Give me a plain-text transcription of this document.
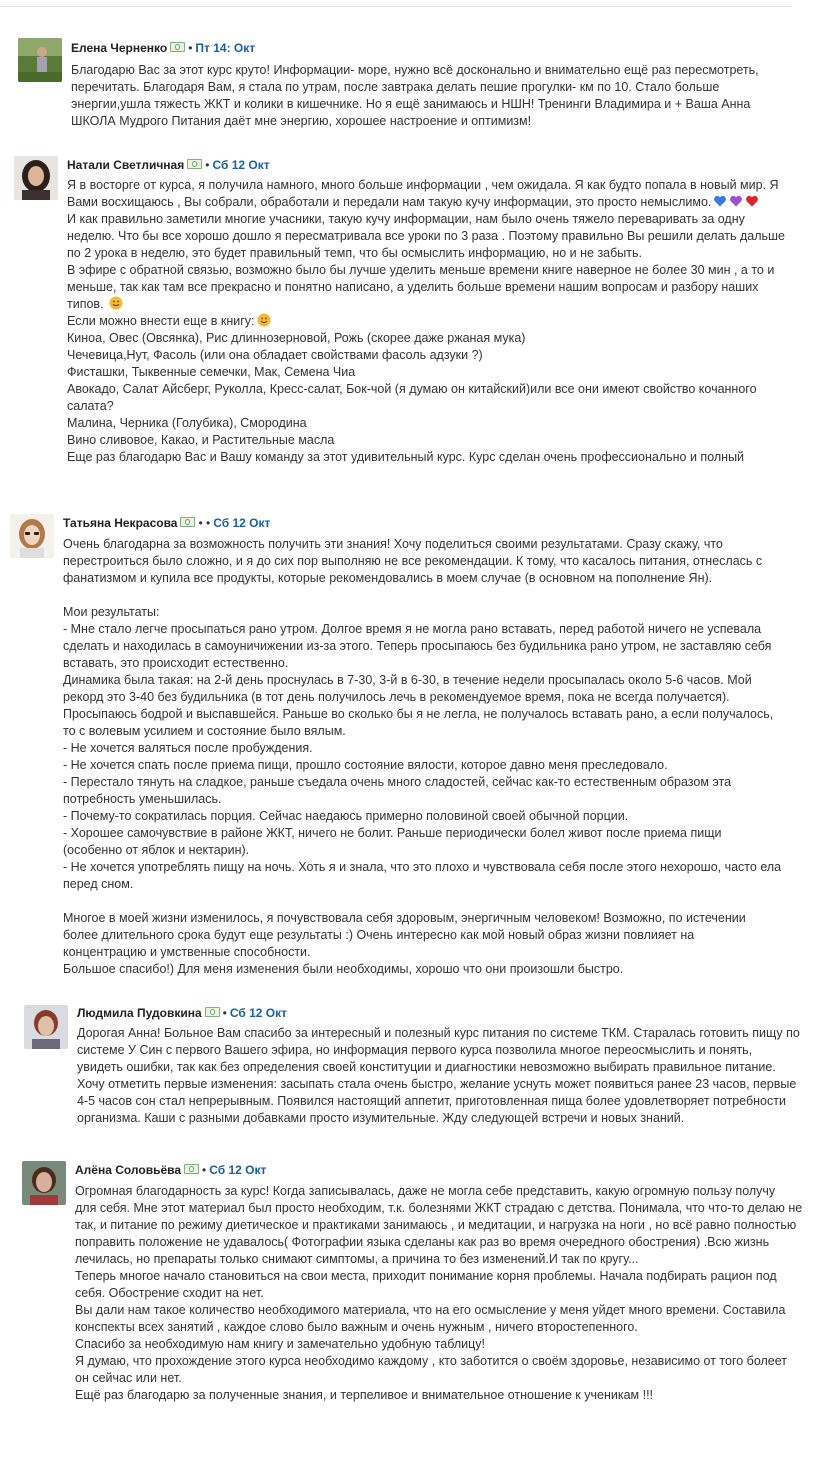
Елена Черненко • Пт 14: Окт

Благодарю Вас за этот курс круто! Информации- море, нужно всё досконально и внимательно ещё раз пересмотреть,

перечитать. Благодаря Вам, я стала по утрам, после завтрака делать пешие прогулки- км по 10. Стало больше

энергии,ушла тяжесть ЖКТ и колики в кишечнике. Но я ещё занимаюсь и НШН! Тренинги Владимира и + Ваша Анна

ШКОЛА Мудрого Питания даёт мне энергию, хорошее настроение и оптимизм!

Натали Светличная • Сб 12 Окт

Я в восторге от курса, я получила намного, много больше информации , чем ожидала. Я как будто попала в новый мир. Я

Вами восхищаюсь , Вы собрали, обработали и передали нам такую кучу информации, это просто немыслимо.

И как правильно заметили многие учасники, такую кучу информации, нам было очень тяжело переваривать за одну

неделю. Что бы все хорошо дошло я пересматривала все уроки по 3 раза . Поэтому правильно Вы решили делать дальше

по 2 урока в неделю, это будет правильный темп, что бы осмыслить информацию, но и не забыть.

В эфире с обратной связью, возможно было бы лучше уделить меньше времени книге наверное не более 30 мин , а то и

меньше, так как там все прекрасно и понятно написано, а уделить больше времени нашим вопросам и разбору наших

типов.

Если можно внести еще в книгу:

Киноа, Овес (Овсянка), Рис длиннозерновой, Рожь (скорее даже ржаная мука)

Чечевица,Нут, Фасоль (или она обладает свойствами фасоль адзуки ?)

Фисташки, Тыквенные семечки, Мак, Семена Чиа

Авокадо, Салат Айсберг, Руколла, Кресс-салат, Бок-чой (я думаю он китайский)или все они имеют свойство кочанного

салата?

Малина, Черника (Голубика), Смородина

Вино сливовое, Какао, и Растительные масла

Еще раз благодарю Вас и Вашу команду за этот удивительный курс. Курс сделан очень профессионально и полный

Татьяна Некрасова • • Сб 12 Окт

Очень благодарна за возможность получить эти знания! Хочу поделиться своими результатами. Сразу скажу, что

перестроиться было сложно, и я до сих пор выполняю не все рекомендации. К тому, что касалось питания, отнеслась с

фанатизмом и купила все продукты, которые рекомендовались в моем случае (в основном на пополнение Ян).

Мои результаты:

- Мне стало легче просыпаться рано утром. Долгое время я не могла рано вставать, перед работой ничего не успевала

сделать и находилась в самоуничижении из-за этого. Теперь просыпаюсь без будильника рано утром, не заставляю себя

вставать, это происходит естественно.

Динамика была такая: на 2-й день проснулась в 7-30, 3-й в 6-30, в течение недели просыпалась около 5-6 часов. Мой

рекорд это 3-40 без будильника (в тот день получилось лечь в рекомендуемое время, пока не всегда получается).

Просыпаюсь бодрой и выспавшейся. Раньше во сколько бы я не легла, не получалось вставать рано, а если получалось,

то с волевым усилием и состояние было вялым.

- Не хочется валяться после пробуждения.

- Не хочется спать после приема пищи, прошло состояние вялости, которое давно меня преследовало.

- Перестало тянуть на сладкое, раньше съедала очень много сладостей, сейчас как-то естественным образом эта

потребность уменьшилась.

- Почему-то сократилась порция. Сейчас наедаюсь примерно половиной своей обычной порции.

- Хорошее самочувствие в районе ЖКТ, ничего не болит. Раньше периодически болел живот после приема пищи

(особенно от яблок и нектарин).

- Не хочется употреблять пищу на ночь. Хоть я и знала, что это плохо и чувствовала себя после этого нехорошо, часто ела

перед сном.

Многое в моей жизни изменилось, я почувствовала себя здоровым, энергичным человеком! Возможно, по истечении

более длительного срока будут еще результаты :) Очень интересно как мой новый образ жизни повлияет на

концентрацию и умственные способности.

Большое спасибо!) Для меня изменения были необходимы, хорошо что они произошли быстро.

Людмила Пудовкина • Сб 12 Окт

Дорогая Анна! Больное Вам спасибо за интересный и полезный курс питания по системе ТКМ. Старалась готовить пищу по

системе У Син с первого Вашего эфира, но информация первого курса позволила многое переосмыслить и понять,

увидеть ошибки, так как без определения своей конституции и диагностики невозможно выбирать правильное питание.

Хочу отметить первые изменения: засыпать стала очень быстро, желание уснуть может появиться ранее 23 часов, первые

4-5 часов сон стал непрерывным. Появился настоящий аппетит, приготовленная пища более удовлетворяет потребности

организма. Каши с разными добавками просто изумительные. Жду следующей встречи и новых знаний.

Алёна Соловьёва • Сб 12 Окт

Огромная благодарность за курс! Когда записывалась, даже не могла себе представить, какую огромную пользу получу

для себя. Мне этот материал был просто необходим, т.к. болезнями ЖКТ страдаю с детства. Понимала, что что-то делаю не

так, и питание по режиму диетическое и практиками занимаюсь , и медитации, и нагрузка на ноги , но всё равно полностью

поправить положение не удавалось( Фотографии языка сделаны как раз во время очередного обострения) .Всю жизнь

лечилась, но препараты только снимают симптомы, а причина то без изменений.И так по кругу...

Теперь многое начало становиться на свои места, приходит понимание корня проблемы. Начала подбирать рацион под

себя. Обострение сходит на нет.

Вы дали нам такое количество необходимого материала, что на его осмысление у меня уйдет много времени. Составила

конспекты всех занятий , каждое слово было важным и очень нужным , ничего второстепенного.

Спасибо за необходимую нам книгу и замечательно удобную таблицу!

Я думаю, что прохождение этого курса необходимо каждому , кто заботится о своём здоровье, независимо от того болеет

он сейчас или нет.

Ещё раз благодарю за полученные знания, и терпеливое и внимательное отношение к ученикам !!!
